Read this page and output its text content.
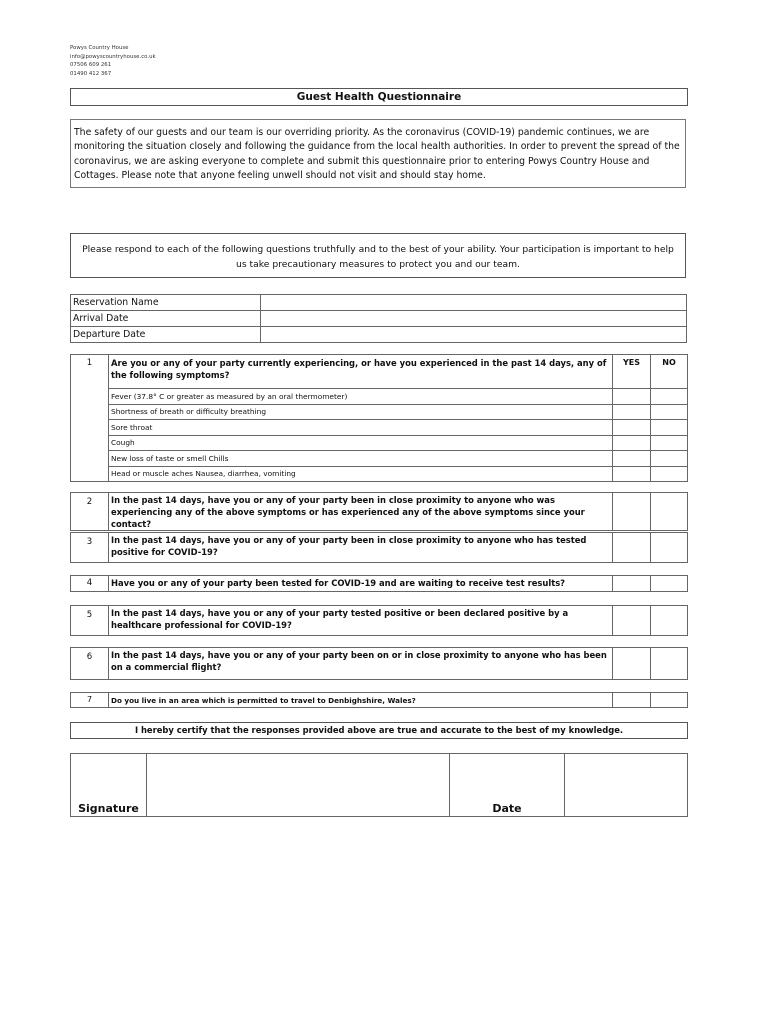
Powys Country House
info@powyscountryhouse.co.uk
07506 609 261
01490 412 367
Guest Health Questionnaire
The safety of our guests and our team is our overriding priority. As the coronavirus (COVID-19) pandemic continues, we are monitoring the situation closely and following the guidance from the local health authorities. In order to prevent the spread of the coronavirus, we are asking everyone to complete and submit this questionnaire prior to entering Powys Country House and Cottages. Please note that anyone feeling unwell should not visit and should stay home.
Please respond to each of the following questions truthfully and to the best of your ability. Your participation is important to help us take precautionary measures to protect you and our team.
Reservation Name	
Arrival Date	
Departure Date	
1	Are you or any of your party currently experiencing, or have you experienced in the past 14 days, any of the following symptoms?	YES	NO
	Fever (37.8° C or greater as measured by an oral thermometer)		
	Shortness of breath or difficulty breathing		
	Sore throat		
	Cough		
	New loss of taste or smell Chills		
	Head or muscle aches Nausea, diarrhea, vomiting		
2	In the past 14 days, have you or any of your party been in close proximity to anyone who was experiencing any of the above symptoms or has experienced any of the above symptoms since your contact?		
3	In the past 14 days, have you or any of your party been in close proximity to anyone who has tested positive for COVID-19?		
4	Have you or any of your party been tested for COVID-19 and are waiting to receive test results?		
5	In the past 14 days, have you or any of your party tested positive or been declared positive by a healthcare professional for COVID-19?		
6	In the past 14 days, have you or any of your party been on or in close proximity to anyone who has been on a commercial flight?		
7	Do you live in an area which is permitted to travel to Denbighshire, Wales?		
I hereby certify that the responses provided above are true and accurate to the best of my knowledge.
Signature		Date	
